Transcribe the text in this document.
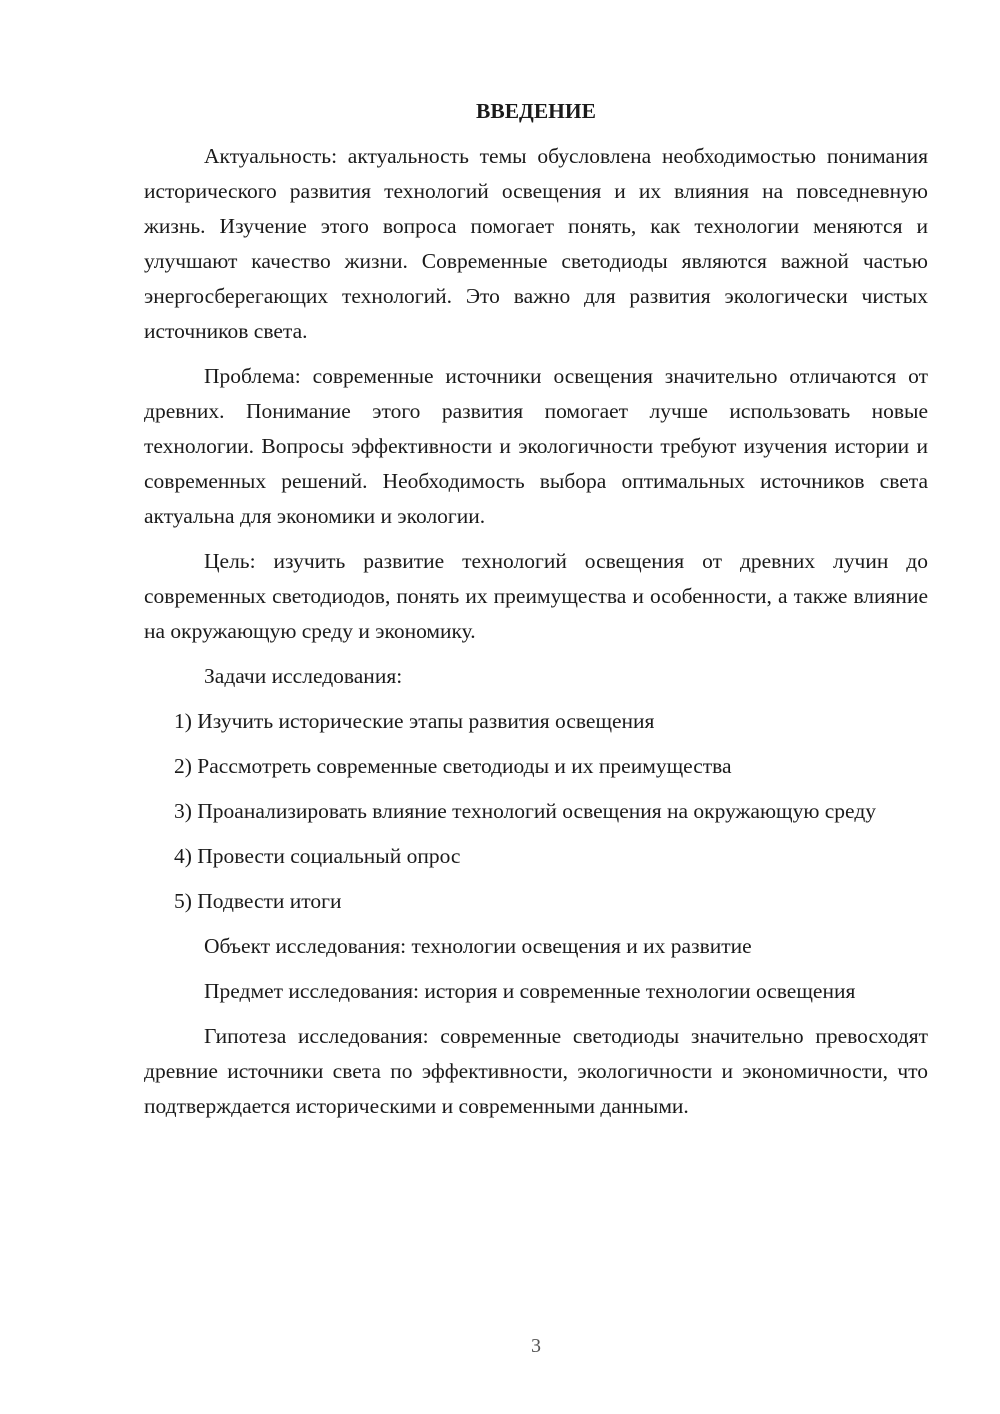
ВВЕДЕНИЕ

Актуальность: актуальность темы обусловлена необходимостью понимания исторического развития технологий освещения и их влияния на повседневную жизнь. Изучение этого вопроса помогает понять, как технологии меняются и улучшают качество жизни. Современные светодиоды являются важной частью энергосберегающих технологий. Это важно для развития экологически чистых источников света.

Проблема: современные источники освещения значительно отличаются от древних. Понимание этого развития помогает лучше использовать новые технологии. Вопросы эффективности и экологичности требуют изучения истории и современных решений. Необходимость выбора оптимальных источников света актуальна для экономики и экологии.

Цель: изучить развитие технологий освещения от древних лучин до современных светодиодов, понять их преимущества и особенности, а также влияние на окружающую среду и экономику.

Задачи исследования:

1) Изучить исторические этапы развития освещения

2) Рассмотреть современные светодиоды и их преимущества

3) Проанализировать влияние технологий освещения на окружающую среду

4) Провести социальный опрос

5) Подвести итоги

Объект исследования: технологии освещения и их развитие

Предмет исследования: история и современные технологии освещения

Гипотеза исследования: современные светодиоды значительно превосходят древние источники света по эффективности, экологичности и экономичности, что подтверждается историческими и современными данными.

3
